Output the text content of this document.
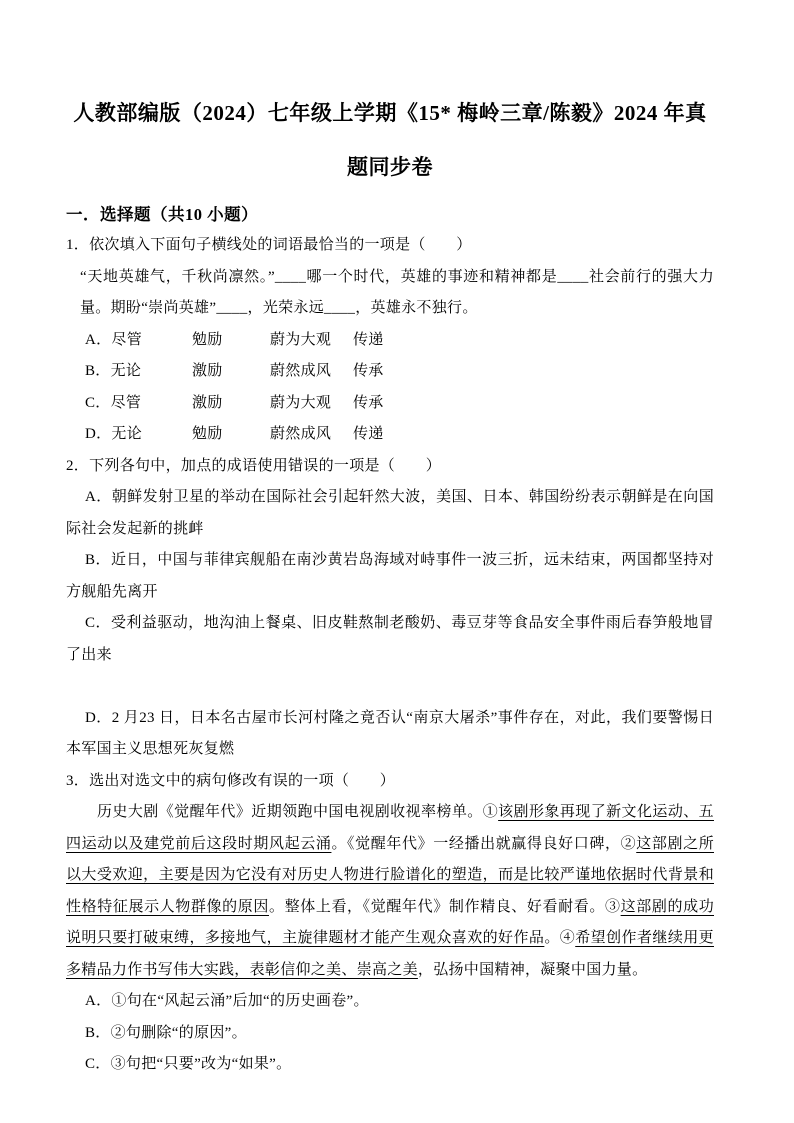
人教部编版（2024）七年级上学期《15* 梅岭三章/陈毅》2024 年真题同步卷
一．选择题（共10 小题）

1．依次填入下面句子横线处的词语最恰当的一项是（　　）

“天地英雄气，千秋尚凛然。”____哪一个时代，英雄的事迹和精神都是____社会前行的强大力量。期盼“崇尚英雄”____，光荣永远____，英雄永不独行。

A．尽管	勉励	蔚为大观	传递
B．无论	激励	蔚然成风	传承
C．尽管	激励	蔚为大观	传承
D．无论	勉励	蔚然成风	传递

2．下列各句中，加点的成语使用错误的一项是（　　）

A．朝鲜发射卫星的举动在国际社会引起轩然大波，美国、日本、韩国纷纷表示朝鲜是在向国际社会发起新的挑衅

B．近日，中国与菲律宾舰船在南沙黄岩岛海域对峙事件一波三折，远未结束，两国都坚持对方舰船先离开

C．受利益驱动，地沟油上餐桌、旧皮鞋熬制老酸奶、毒豆芽等食品安全事件雨后春笋般地冒了出来

D．2 月23 日，日本名古屋市长河村隆之竟否认“南京大屠杀”事件存在，对此，我们要警惕日本军国主义思想死灰复燃

3．选出对选文中的病句修改有误的一项（　　）

历史大剧《觉醒年代》近期领跑中国电视剧收视率榜单。①该剧形象再现了新文化运动、五四运动以及建党前后这段时期风起云涌。《觉醒年代》一经播出就赢得良好口碑，②这部剧之所以大受欢迎，主要是因为它没有对历史人物进行脸谱化的塑造，而是比较严谨地依据时代背景和性格特征展示人物群像的原因。整体上看，《觉醒年代》制作精良、好看耐看。③这部剧的成功说明只要打破束缚，多接地气，主旋律题材才能产生观众喜欢的好作品。④希望创作者继续用更多精品力作书写伟大实践，表彰信仰之美、崇高之美，弘扬中国精神，凝聚中国力量。

A．①句在“风起云涌”后加“的历史画卷”。

B．②句删除“的原因”。

C．③句把“只要”改为“如果”。
